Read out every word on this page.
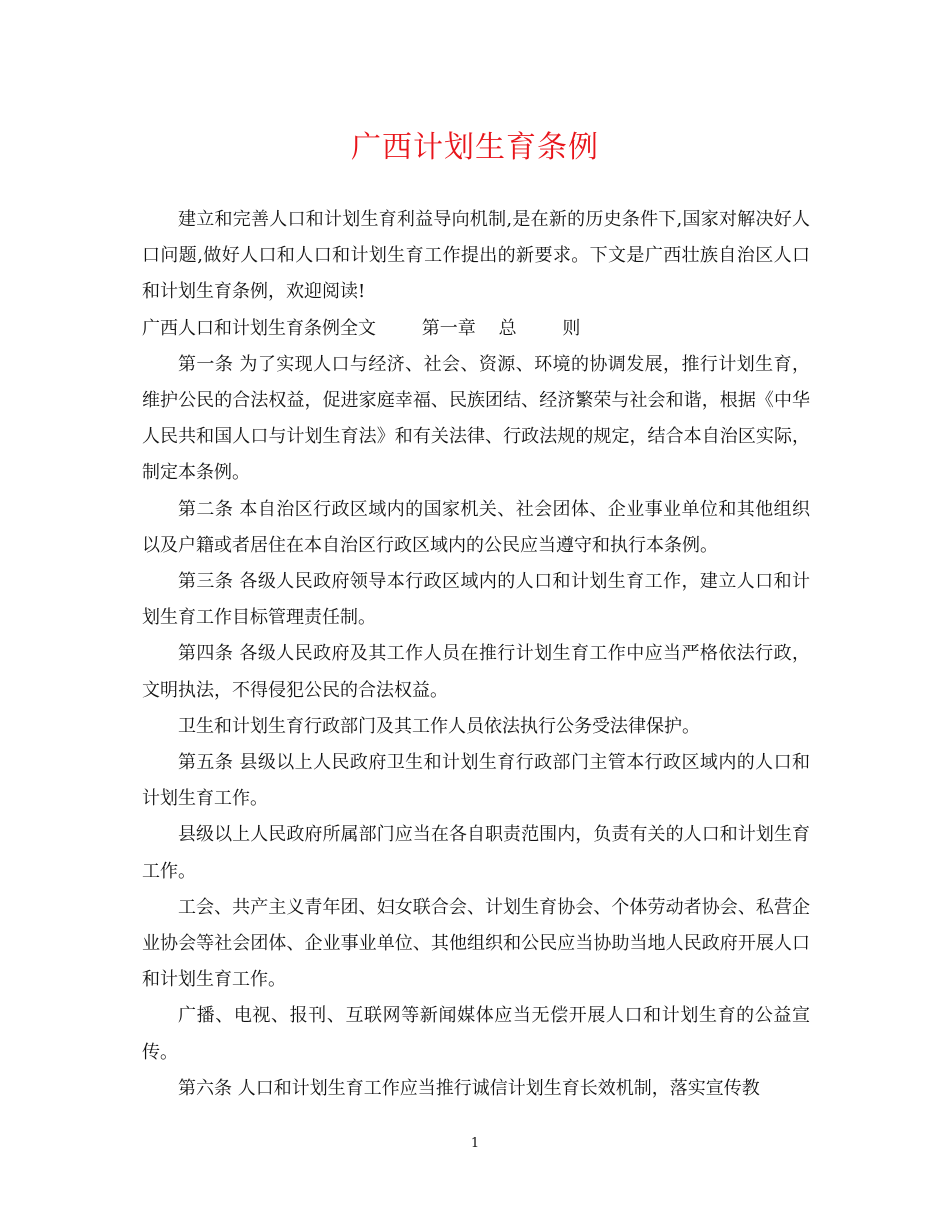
广西计划生育条例

建立和完善人口和计划生育利益导向机制,是在新的历史条件下,国家对解决好人口问题,做好人口和人口和计划生育工作提出的新要求。下文是广西壮族自治区人口和计划生育条例，欢迎阅读!

广西人口和计划生育条例全文        第一章    总        则

第一条 为了实现人口与经济、社会、资源、环境的协调发展，推行计划生育，维护公民的合法权益，促进家庭幸福、民族团结、经济繁荣与社会和谐，根据《中华人民共和国人口与计划生育法》和有关法律、行政法规的规定，结合本自治区实际，制定本条例。

第二条 本自治区行政区域内的国家机关、社会团体、企业事业单位和其他组织以及户籍或者居住在本自治区行政区域内的公民应当遵守和执行本条例。

第三条 各级人民政府领导本行政区域内的人口和计划生育工作，建立人口和计划生育工作目标管理责任制。

第四条 各级人民政府及其工作人员在推行计划生育工作中应当严格依法行政，文明执法，不得侵犯公民的合法权益。

卫生和计划生育行政部门及其工作人员依法执行公务受法律保护。

第五条 县级以上人民政府卫生和计划生育行政部门主管本行政区域内的人口和计划生育工作。

县级以上人民政府所属部门应当在各自职责范围内，负责有关的人口和计划生育工作。

工会、共产主义青年团、妇女联合会、计划生育协会、个体劳动者协会、私营企业协会等社会团体、企业事业单位、其他组织和公民应当协助当地人民政府开展人口和计划生育工作。

广播、电视、报刊、互联网等新闻媒体应当无偿开展人口和计划生育的公益宣传。

第六条 人口和计划生育工作应当推行诚信计划生育长效机制，落实宣传教

1
